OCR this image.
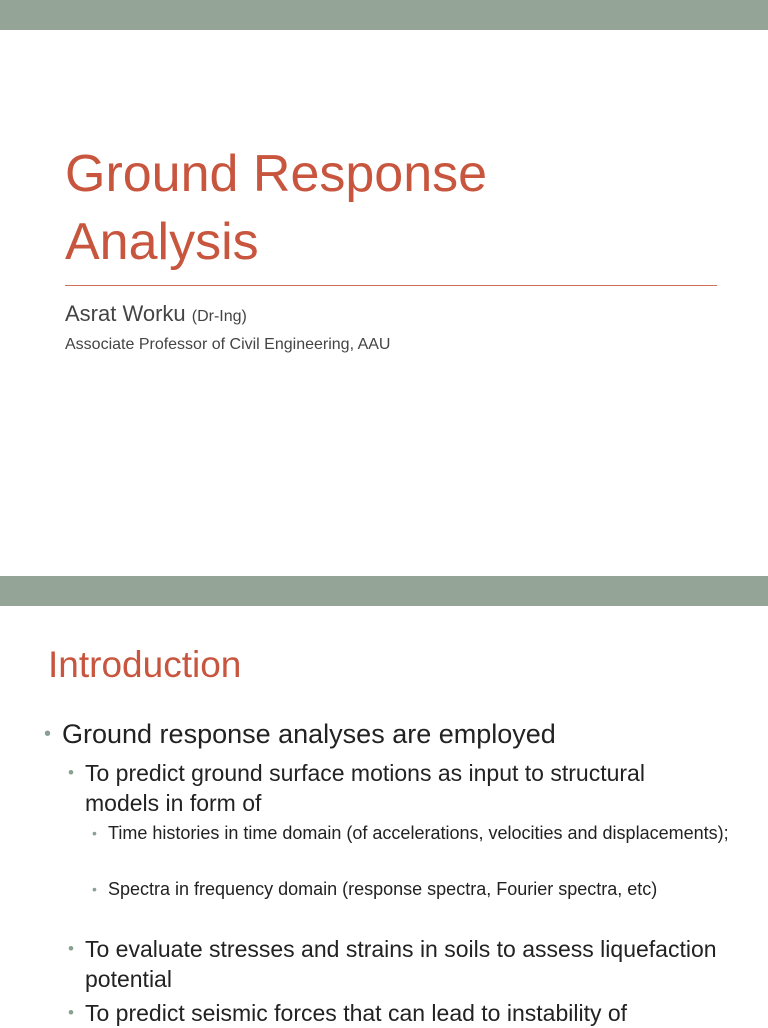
Ground Response
Analysis
Asrat Worku (Dr-Ing)
Associate Professor of Civil Engineering, AAU
Introduction
• Ground response analyses are employed
• To predict ground surface motions as input to structural models in form of
• Time histories in time domain (of accelerations, velocities and displacements);
• Spectra in frequency domain (response spectra, Fourier spectra, etc)
• To evaluate stresses and strains in soils to assess liquefaction potential
• To predict seismic forces that can lead to instability of
